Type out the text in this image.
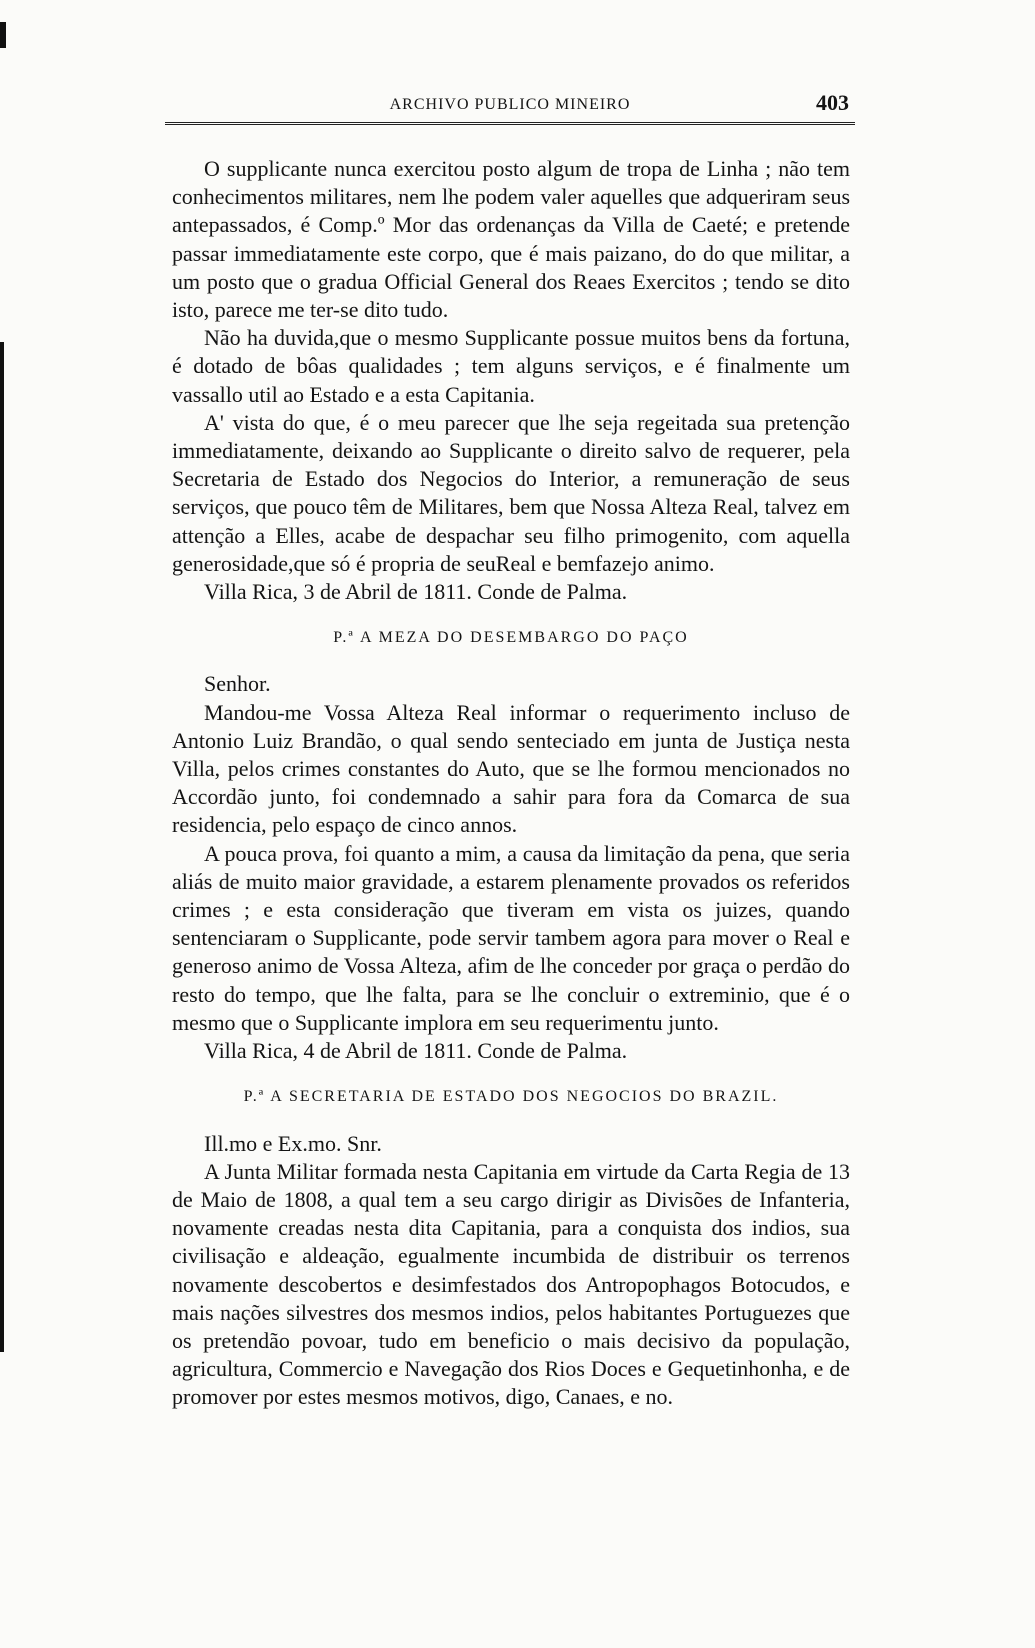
ARCHIVO PUBLICO MINEIRO	403

O supplicante nunca exercitou posto algum de tropa de Linha ; não tem conhecimentos militares, nem lhe podem valer aquelles que adqueriram seus antepassados, é Comp.º Mor das ordenanças da Villa de Caeté; e pretende passar immediatamente este corpo, que é mais paizano, do do que militar, a um posto que o gradua Official General dos Reaes Exercitos ; tendo se dito isto, parece me ter-se dito tudo.

Não ha duvida,que o mesmo Supplicante possue muitos bens da fortuna, é dotado de bôas qualidades ; tem alguns serviços, e é finalmente um vassallo util ao Estado e a esta Capitania.

A' vista do que, é o meu parecer que lhe seja regeitada sua pretenção immediatamente, deixando ao Supplicante o direito salvo de requerer, pela Secretaria de Estado dos Negocios do Interior, a remuneração de seus serviços, que pouco têm de Militares, bem que Nossa Alteza Real, talvez em attenção a Elles, acabe de despachar seu filho primogenito, com aquella generosidade,que só é propria de seuReal e bemfazejo animo.

Villa Rica, 3 de Abril de 1811. Conde de Palma.

P.ª A MEZA DO DESEMBARGO DO PAÇO

Senhor.

Mandou-me Vossa Alteza Real informar o requerimento incluso de Antonio Luiz Brandão, o qual sendo senteciado em junta de Justiça nesta Villa, pelos crimes constantes do Auto, que se lhe formou mencionados no Accordão junto, foi condemnado a sahir para fora da Comarca de sua residencia, pelo espaço de cinco annos.

A pouca prova, foi quanto a mim, a causa da limitação da pena, que seria aliás de muito maior gravidade, a estarem plenamente provados os referidos crimes ; e esta consideração que tiveram em vista os juizes, quando sentenciaram o Supplicante, pode servir tambem agora para mover o Real e generoso animo de Vossa Alteza, afim de lhe conceder por graça o perdão do resto do tempo, que lhe falta, para se lhe concluir o extreminio, que é o mesmo que o Supplicante implora em seu requerimentu junto.

Villa Rica, 4 de Abril de 1811. Conde de Palma.

P.ª A SECRETARIA DE ESTADO DOS NEGOCIOS DO BRAZIL.

Ill.mo e Ex.mo. Snr.

A Junta Militar formada nesta Capitania em virtude da Carta Regia de 13 de Maio de 1808, a qual tem a seu cargo dirigir as Divisões de Infanteria, novamente creadas nesta dita Capitania, para a conquista dos indios, sua civilisação e aldeação, egualmente incumbida de distribuir os terrenos novamente descobertos e desimfestados dos Antropophagos Botocudos, e mais nações silvestres dos mesmos indios, pelos habitantes Portuguezes que os pretendão povoar, tudo em beneficio o mais decisivo da população, agricultura, Commercio e Navegação dos Rios Doces e Gequetinhonha, e de promover por estes mesmos motivos, digo, Canaes, e no.
